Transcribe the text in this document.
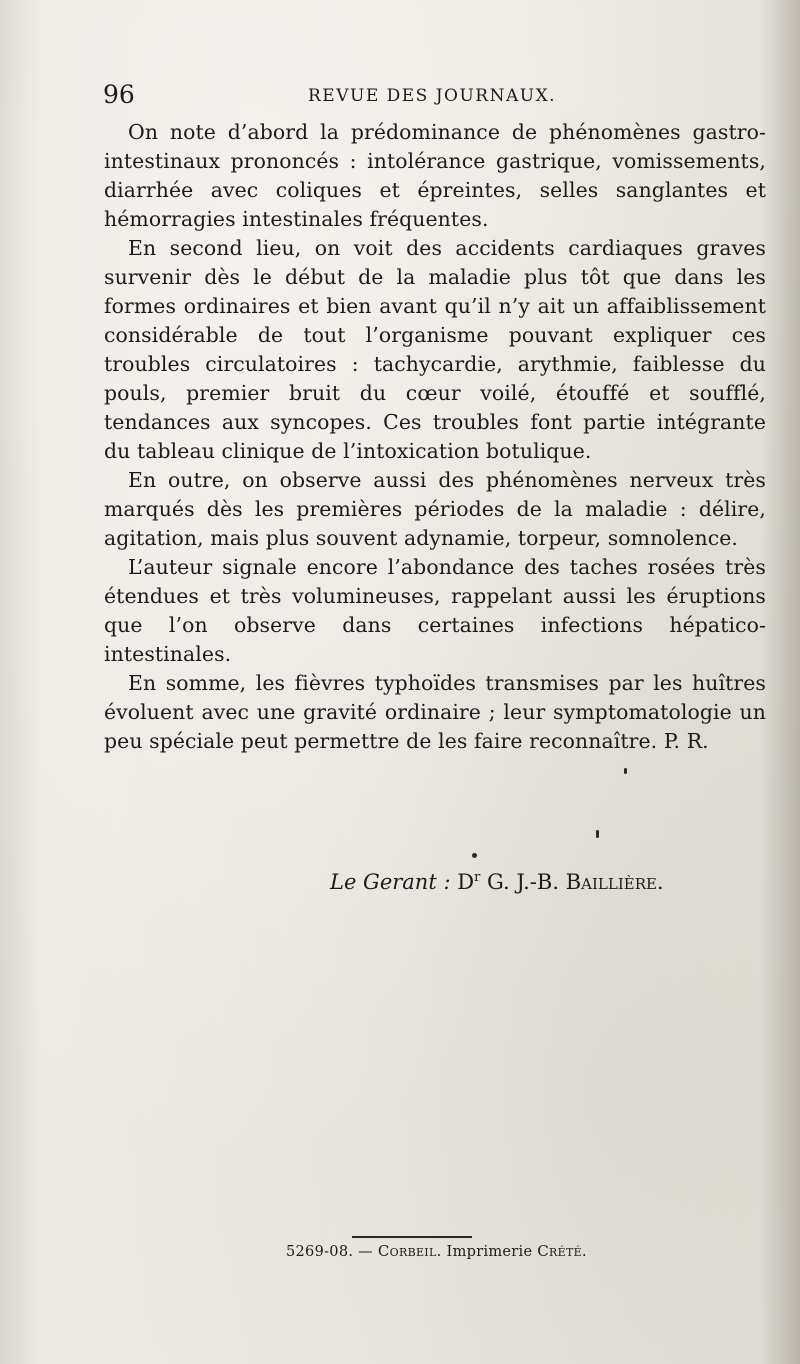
96	REVUE DES JOURNAUX.

On note d’abord la prédominance de phénomènes gastro-intestinaux prononcés : intolérance gastrique, vomissements, diarrhée avec coliques et épreintes, selles sanglantes et hémorragies intestinales fréquentes.

En second lieu, on voit des accidents cardiaques graves survenir dès le début de la maladie plus tôt que dans les formes ordinaires et bien avant qu’il n’y ait un affaiblissement considérable de tout l’organisme pouvant expliquer ces troubles circulatoires : tachycardie, arythmie, faiblesse du pouls, premier bruit du cœur voilé, étouffé et soufflé, tendances aux syncopes. Ces troubles font partie intégrante du tableau clinique de l’intoxication botulique.

En outre, on observe aussi des phénomènes nerveux très marqués dès les premières périodes de la maladie : délire, agitation, mais plus souvent adynamie, torpeur, somnolence.

L’auteur signale encore l’abondance des taches rosées très étendues et très volumineuses, rappelant aussi les éruptions que l’on observe dans certaines infections hépatico-intestinales.

En somme, les fièvres typhoïdes transmises par les huîtres évoluent avec une gravité ordinaire ; leur symptomatologie un peu spéciale peut permettre de les faire reconnaître. P. R.

Le Gerant : $D^r$ G. J.-B. Baillière.
5269-08. — Corbeil. Imprimerie Crété.
